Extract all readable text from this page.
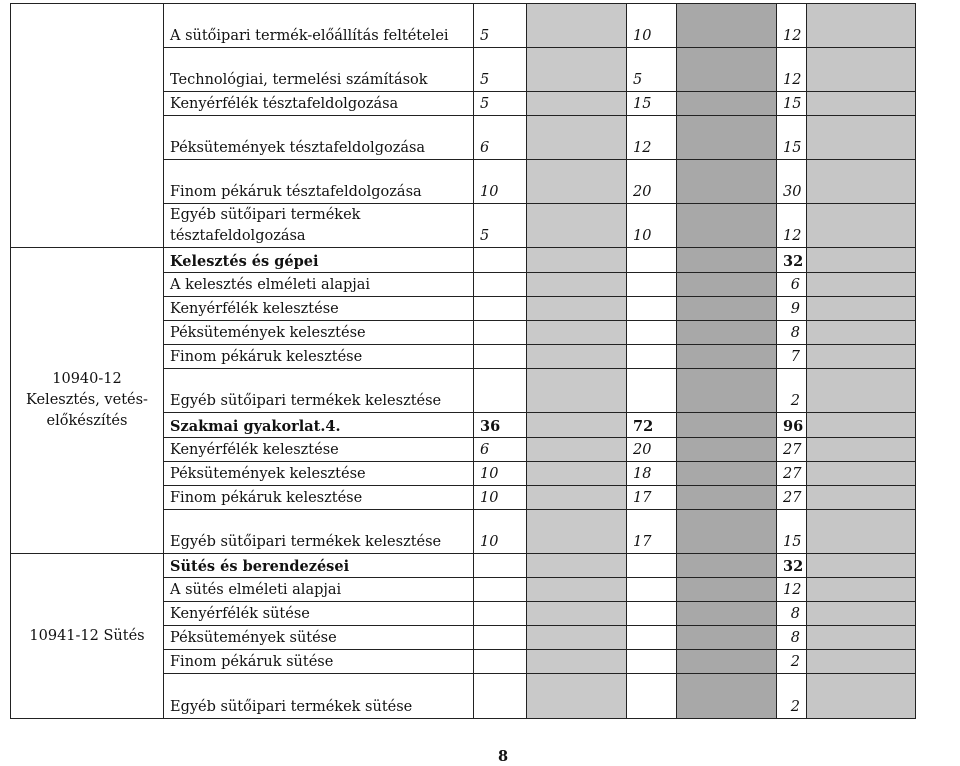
	A sütőipari termék-előállítás feltételei	5		10		12		
	Technológiai, termelési számítások	5		5		12		
	Kenyérfélék tésztafeldolgozása	5		15		15		
	Péksütemények tésztafeldolgozása	6		12		15		
	Finom pékáruk tésztafeldolgozása	10		20		30		
	Egyéb sütőipari termékek tésztafeldolgozása	5		10		12		
10940-12 Kelesztés, vetés-előkészítés	Kelesztés és gépei					32		
	A kelesztés elméleti alapjai					6		
	Kenyérfélék kelesztése					9		
	Péksütemények kelesztése					8		
	Finom pékáruk kelesztése					7		
	Egyéb sütőipari termékek kelesztése					2		
	Szakmai gyakorlat.4.	36		72		96		
	Kenyérfélék kelesztése	6		20		27		
	Péksütemények kelesztése	10		18		27		
	Finom pékáruk kelesztése	10		17		27		
	Egyéb sütőipari termékek kelesztése	10		17		15		
10941-12 Sütés	Sütés és berendezései					32		
	A sütés elméleti alapjai					12		
	Kenyérfélék sütése					8		
	Péksütemények sütése					8		
	Finom pékáruk sütése					2		
	Egyéb sütőipari termékek sütése					2		
8
